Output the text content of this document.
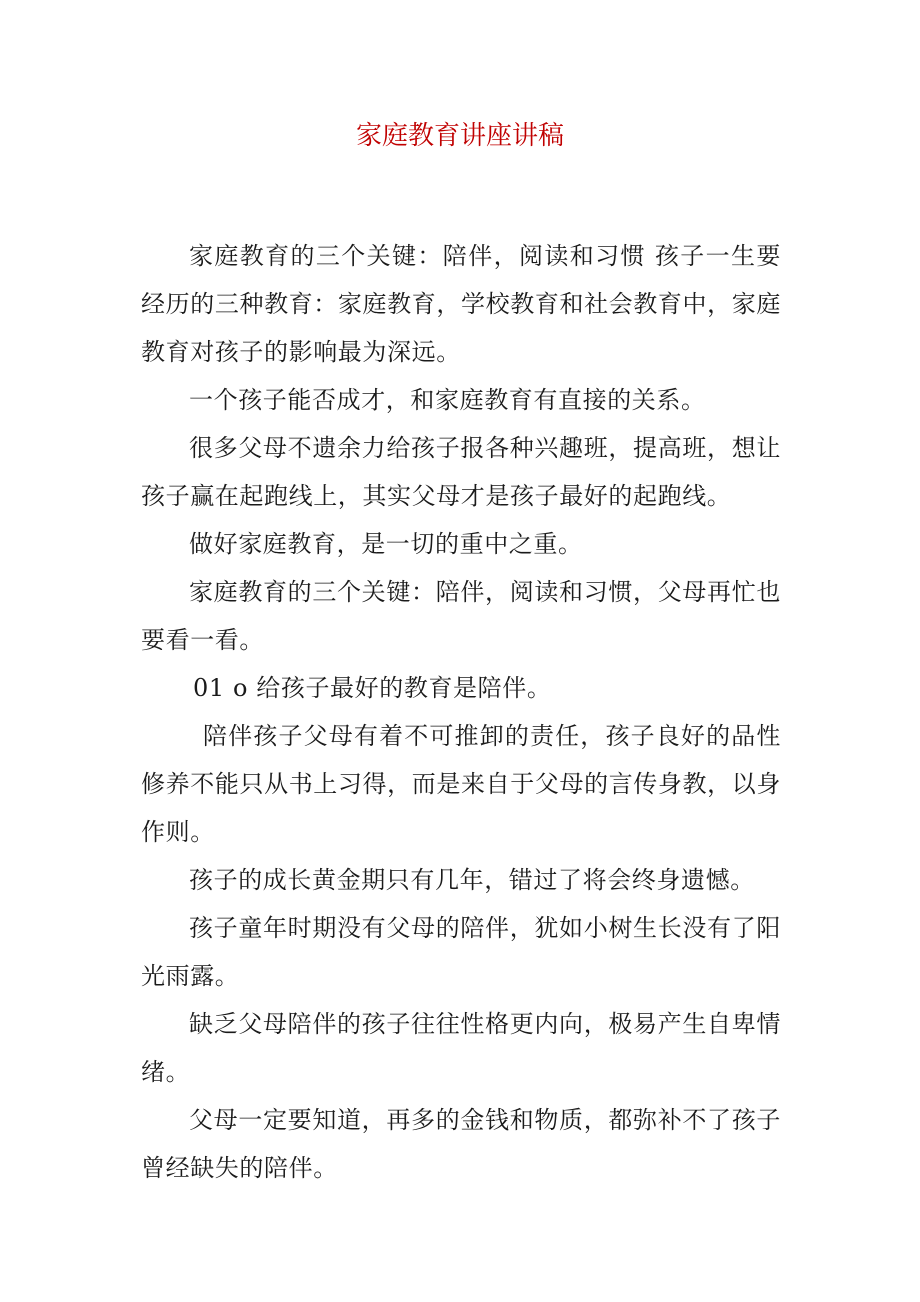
家庭教育讲座讲稿

家庭教育的三个关键：陪伴，阅读和习惯 孩子一生要经历的三种教育：家庭教育，学校教育和社会教育中，家庭教育对孩子的影响最为深远。

一个孩子能否成才，和家庭教育有直接的关系。

很多父母不遗余力给孩子报各种兴趣班，提高班，想让孩子赢在起跑线上，其实父母才是孩子最好的起跑线。

做好家庭教育，是一切的重中之重。

家庭教育的三个关键：陪伴，阅读和习惯，父母再忙也要看一看。

01 o 给孩子最好的教育是陪伴。

陪伴孩子父母有着不可推卸的责任，孩子良好的品性修养不能只从书上习得，而是来自于父母的言传身教，以身作则。

孩子的成长黄金期只有几年，错过了将会终身遗憾。

孩子童年时期没有父母的陪伴，犹如小树生长没有了阳光雨露。

缺乏父母陪伴的孩子往往性格更内向，极易产生自卑情绪。

父母一定要知道，再多的金钱和物质，都弥补不了孩子曾经缺失的陪伴。
